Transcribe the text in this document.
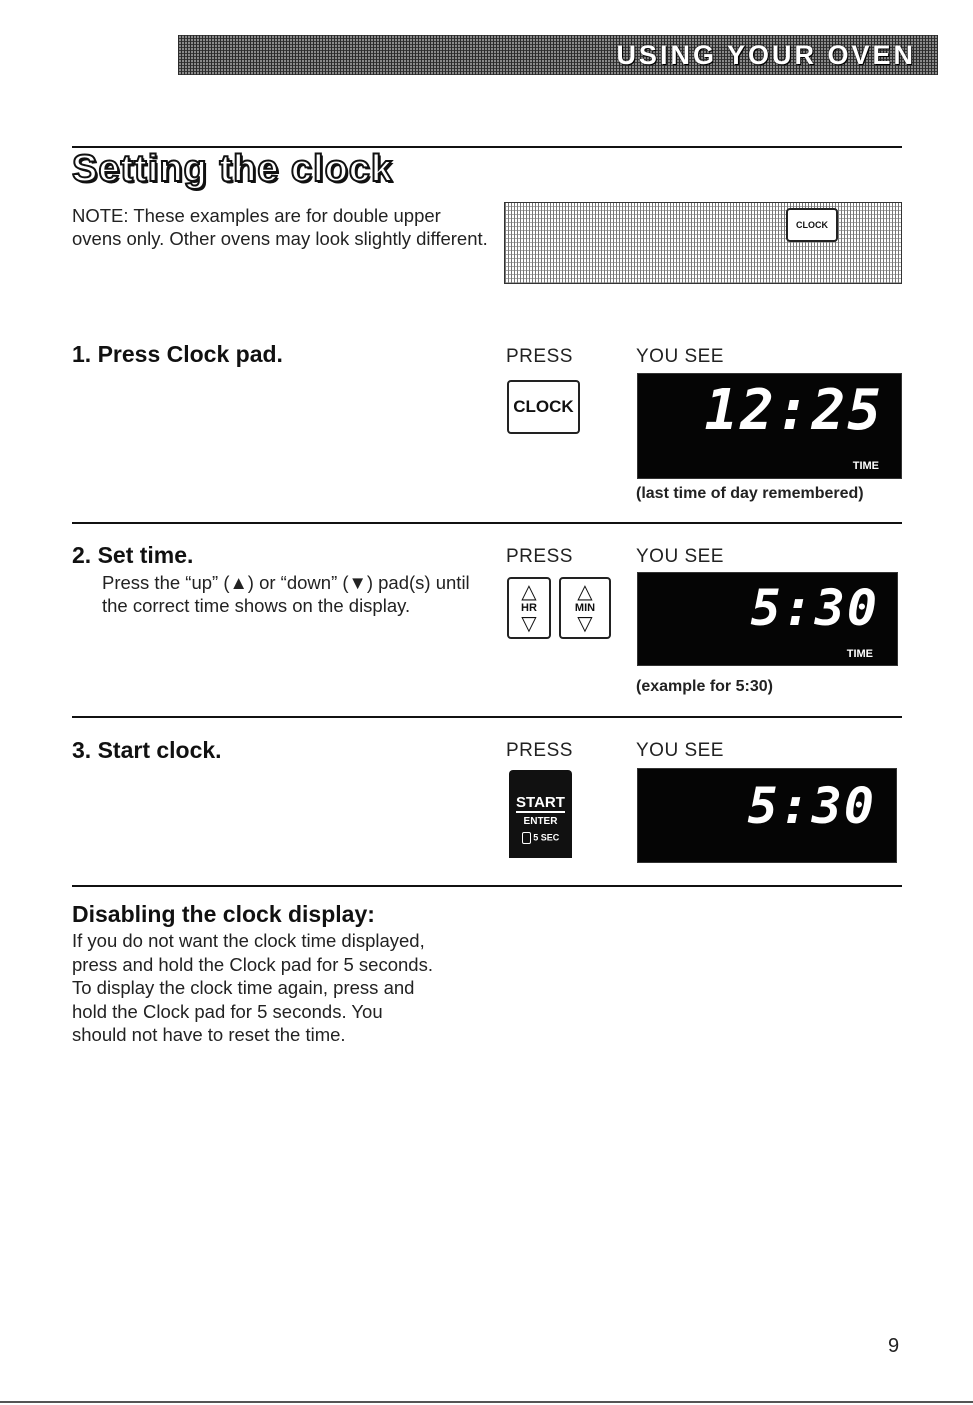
USING YOUR OVEN
Setting the clock
NOTE: These examples are for double upper ovens only. Other ovens may look slightly different.
CLOCK
1. Press Clock pad.	PRESS	YOU SEE
CLOCK 12:25
TIME
(last time of day remembered)
2. Set time.
Press the “up” (▲) or “down” (▼) pad(s) until the correct time shows on the display.
PRESS	YOU SEE
△
HR
▽
△
MIN
▽	5:30
TIME
(example for 5:30)
3. Start clock.	PRESS	YOU SEE
START
ENTER
5 SEC
5:30
Disabling the clock display:
If you do not want the clock time displayed,
press and hold the Clock pad for 5 seconds.
To display the clock time again, press and
hold the Clock pad for 5 seconds. You
should not have to reset the time.
9
